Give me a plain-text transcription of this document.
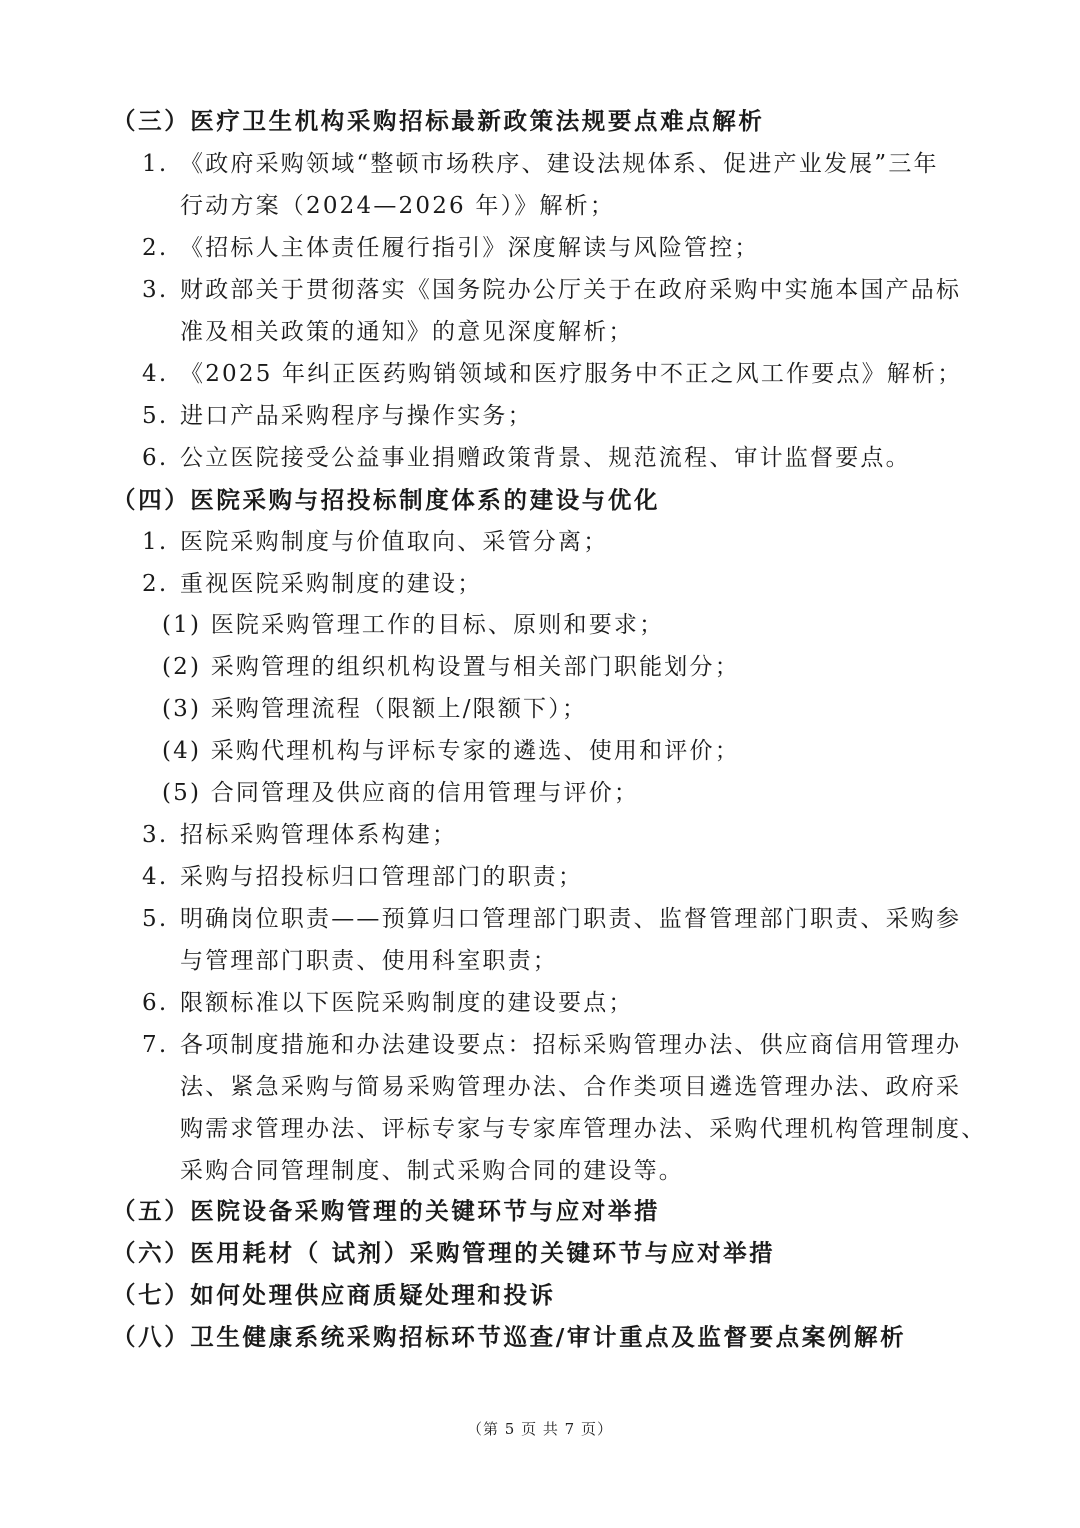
（三）医疗卫生机构采购招标最新政策法规要点难点解析
1. 《政府采购领域“整顿市场秩序、建设法规体系、促进产业发展”三年
行动方案（2024—2026 年）》解析；
2. 《招标人主体责任履行指引》深度解读与风险管控；
3. 财政部关于贯彻落实《国务院办公厅关于在政府采购中实施本国产品标
准及相关政策的通知》的意见深度解析；
4. 《2025 年纠正医药购销领域和医疗服务中不正之风工作要点》解析；
5. 进口产品采购程序与操作实务；
6. 公立医院接受公益事业捐赠政策背景、规范流程、审计监督要点。
（四）医院采购与招投标制度体系的建设与优化
1. 医院采购制度与价值取向、采管分离；
2. 重视医院采购制度的建设；
(1) 医院采购管理工作的目标、原则和要求；
(2) 采购管理的组织机构设置与相关部门职能划分；
(3) 采购管理流程（限额上/限额下）；
(4) 采购代理机构与评标专家的遴选、使用和评价；
(5) 合同管理及供应商的信用管理与评价；
3. 招标采购管理体系构建；
4. 采购与招投标归口管理部门的职责；
5. 明确岗位职责——预算归口管理部门职责、监督管理部门职责、采购参
与管理部门职责、使用科室职责；
6. 限额标准以下医院采购制度的建设要点；
7. 各项制度措施和办法建设要点：招标采购管理办法、供应商信用管理办
法、紧急采购与简易采购管理办法、合作类项目遴选管理办法、政府采
购需求管理办法、评标专家与专家库管理办法、采购代理机构管理制度、
采购合同管理制度、制式采购合同的建设等。
（五）医院设备采购管理的关键环节与应对举措
（六）医用耗材（ 试剂）采购管理的关键环节与应对举措
（七）如何处理供应商质疑处理和投诉
（八）卫生健康系统采购招标环节巡查/审计重点及监督要点案例解析
（第 5 页 共 7 页）
